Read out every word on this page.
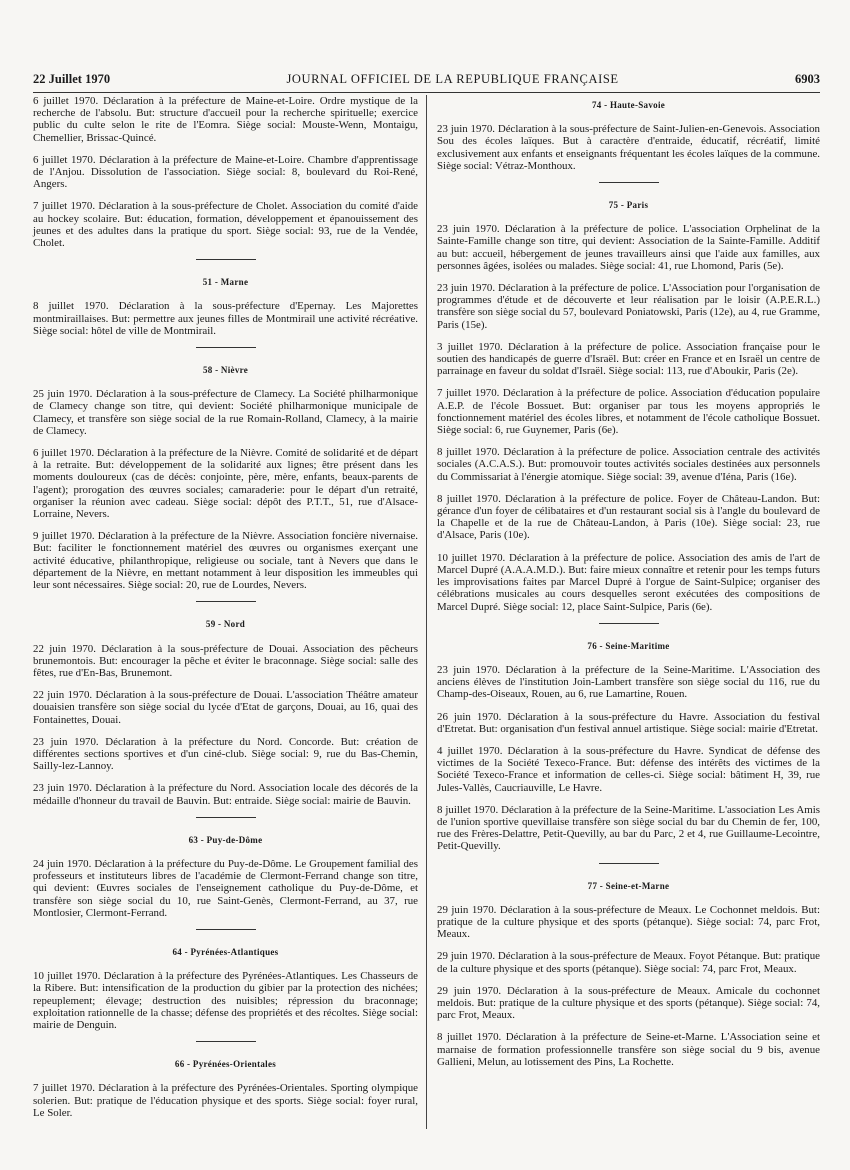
22 Juillet 1970	JOURNAL OFFICIEL DE LA REPUBLIQUE FRANÇAISE	6903

6 juillet 1970. Déclaration à la préfecture de Maine-et-Loire. Ordre mystique de la recherche de l'absolu. But: structure d'accueil pour la recherche spirituelle; exercice public du culte selon le rite de l'Eomra. Siège social: Mouste-Wenn, Montaigu, Chemellier, Brissac-Quincé.

6 juillet 1970. Déclaration à la préfecture de Maine-et-Loire. Chambre d'apprentissage de l'Anjou. Dissolution de l'association. Siège social: 8, boulevard du Roi-René, Angers.

7 juillet 1970. Déclaration à la sous-préfecture de Cholet. Association du comité d'aide au hockey scolaire. But: éducation, formation, développement et épanouissement des jeunes et des adultes dans la pratique du sport. Siège social: 93, rue de la Vendée, Cholet.

51 - Marne

8 juillet 1970. Déclaration à la sous-préfecture d'Epernay. Les Majorettes montmiraillaises. But: permettre aux jeunes filles de Montmirail une activité récréative. Siège social: hôtel de ville de Montmirail.

58 - Nièvre

25 juin 1970. Déclaration à la sous-préfecture de Clamecy. La Société philharmonique de Clamecy change son titre, qui devient: Société philharmonique municipale de Clamecy, et transfère son siège social de la rue Romain-Rolland, Clamecy, à la mairie de Clamecy.

6 juillet 1970. Déclaration à la préfecture de la Nièvre. Comité de solidarité et de départ à la retraite. But: développement de la solidarité aux lignes; être présent dans les moments douloureux (cas de décès: conjointe, père, mère, enfants, beaux-parents de l'agent); prorogation des œuvres sociales; camaraderie: pour le départ d'un retraité, organiser la réunion avec cadeau. Siège social: dépôt des P.T.T., 51, rue d'Alsace-Lorraine, Nevers.

9 juillet 1970. Déclaration à la préfecture de la Nièvre. Association foncière nivernaise. But: faciliter le fonctionnement matériel des œuvres ou organismes exerçant une activité éducative, philanthropique, religieuse ou sociale, tant à Nevers que dans le département de la Nièvre, en mettant notamment à leur disposition les immeubles qui leur sont nécessaires. Siège social: 20, rue de Lourdes, Nevers.

59 - Nord

22 juin 1970. Déclaration à la sous-préfecture de Douai. Association des pêcheurs brunemontois. But: encourager la pêche et éviter le braconnage. Siège social: salle des fêtes, rue d'En-Bas, Brunemont.

22 juin 1970. Déclaration à la sous-préfecture de Douai. L'association Théâtre amateur douaisien transfère son siège social du lycée d'Etat de garçons, Douai, au 16, quai des Fontainettes, Douai.

23 juin 1970. Déclaration à la préfecture du Nord. Concorde. But: création de différentes sections sportives et d'un ciné-club. Siège social: 9, rue du Bas-Chemin, Sailly-lez-Lannoy.

23 juin 1970. Déclaration à la préfecture du Nord. Association locale des décorés de la médaille d'honneur du travail de Bauvin. But: entraide. Siège social: mairie de Bauvin.

63 - Puy-de-Dôme

24 juin 1970. Déclaration à la préfecture du Puy-de-Dôme. Le Groupement familial des professeurs et instituteurs libres de l'académie de Clermont-Ferrand change son titre, qui devient: Œuvres sociales de l'enseignement catholique du Puy-de-Dôme, et transfère son siège social du 10, rue Saint-Genès, Clermont-Ferrand, au 37, rue Montlosier, Clermont-Ferrand.

64 - Pyrénées-Atlantiques

10 juillet 1970. Déclaration à la préfecture des Pyrénées-Atlantiques. Les Chasseurs de la Ribere. But: intensification de la production du gibier par la protection des nichées; repeuplement; élevage; destruction des nuisibles; répression du braconnage; exploitation rationnelle de la chasse; défense des propriétés et des récoltes. Siège social: mairie de Denguin.

66 - Pyrénées-Orientales

7 juillet 1970. Déclaration à la préfecture des Pyrénées-Orientales. Sporting olympique solerien. But: pratique de l'éducation physique et des sports. Siège social: foyer rural, Le Soler.

74 - Haute-Savoie

23 juin 1970. Déclaration à la sous-préfecture de Saint-Julien-en-Genevois. Association Sou des écoles laïques. But à caractère d'entraide, éducatif, récréatif, limité exclusivement aux enfants et enseignants fréquentant les écoles laïques de la commune. Siège social: Vétraz-Monthoux.

75 - Paris

23 juin 1970. Déclaration à la préfecture de police. L'association Orphelinat de la Sainte-Famille change son titre, qui devient: Association de la Sainte-Famille. Additif au but: accueil, hébergement de jeunes travailleurs ainsi que l'aide aux familles, aux personnes âgées, isolées ou malades. Siège social: 41, rue Lhomond, Paris (5e).

23 juin 1970. Déclaration à la préfecture de police. L'Association pour l'organisation de programmes d'étude et de découverte et leur réalisation par le loisir (A.P.E.R.L.) transfère son siège social du 57, boulevard Poniatowski, Paris (12e), au 4, rue Gramme, Paris (15e).

3 juillet 1970. Déclaration à la préfecture de police. Association française pour le soutien des handicapés de guerre d'Israël. But: créer en France et en Israël un centre de parrainage en faveur du soldat d'Israël. Siège social: 113, rue d'Aboukir, Paris (2e).

7 juillet 1970. Déclaration à la préfecture de police. Association d'éducation populaire A.E.P. de l'école Bossuet. But: organiser par tous les moyens appropriés le fonctionnement matériel des écoles libres, et notamment de l'école catholique Bossuet. Siège social: 6, rue Guynemer, Paris (6e).

8 juillet 1970. Déclaration à la préfecture de police. Association centrale des activités sociales (A.C.A.S.). But: promouvoir toutes activités sociales destinées aux personnels du Commissariat à l'énergie atomique. Siège social: 39, avenue d'Iéna, Paris (16e).

8 juillet 1970. Déclaration à la préfecture de police. Foyer de Château-Landon. But: gérance d'un foyer de célibataires et d'un restaurant social sis à l'angle du boulevard de la Chapelle et de la rue de Château-Landon, à Paris (10e). Siège social: 23, rue d'Alsace, Paris (10e).

10 juillet 1970. Déclaration à la préfecture de police. Association des amis de l'art de Marcel Dupré (A.A.A.M.D.). But: faire mieux connaître et retenir pour les temps futurs les improvisations faites par Marcel Dupré à l'orgue de Saint-Sulpice; organiser des célébrations musicales au cours desquelles seront exécutées des compositions de Marcel Dupré. Siège social: 12, place Saint-Sulpice, Paris (6e).

76 - Seine-Maritime

23 juin 1970. Déclaration à la préfecture de la Seine-Maritime. L'Association des anciens élèves de l'institution Join-Lambert transfère son siège social du 116, rue du Champ-des-Oiseaux, Rouen, au 6, rue Lamartine, Rouen.

26 juin 1970. Déclaration à la sous-préfecture du Havre. Association du festival d'Etretat. But: organisation d'un festival annuel artistique. Siège social: mairie d'Etretat.

4 juillet 1970. Déclaration à la sous-préfecture du Havre. Syndicat de défense des victimes de la Société Texeco-France. But: défense des intérêts des victimes de la Société Texeco-France et information de celles-ci. Siège social: bâtiment H, 39, rue Jules-Vallès, Caucriauville, Le Havre.

8 juillet 1970. Déclaration à la préfecture de la Seine-Maritime. L'association Les Amis de l'union sportive quevillaise transfère son siège social du bar du Chemin de fer, 100, rue des Frères-Delattre, Petit-Quevilly, au bar du Parc, 2 et 4, rue Guillaume-Lecointre, Petit-Quevilly.

77 - Seine-et-Marne

29 juin 1970. Déclaration à la sous-préfecture de Meaux. Le Cochonnet meldois. But: pratique de la culture physique et des sports (pétanque). Siège social: 74, parc Frot, Meaux.

29 juin 1970. Déclaration à la sous-préfecture de Meaux. Foyot Pétanque. But: pratique de la culture physique et des sports (pétanque). Siège social: 74, parc Frot, Meaux.

29 juin 1970. Déclaration à la sous-préfecture de Meaux. Amicale du cochonnet meldois. But: pratique de la culture physique et des sports (pétanque). Siège social: 74, parc Frot, Meaux.

8 juillet 1970. Déclaration à la préfecture de Seine-et-Marne. L'Association seine et marnaise de formation professionnelle transfère son siège social du 9 bis, avenue Gallieni, Melun, au lotissement des Pins, La Rochette.
